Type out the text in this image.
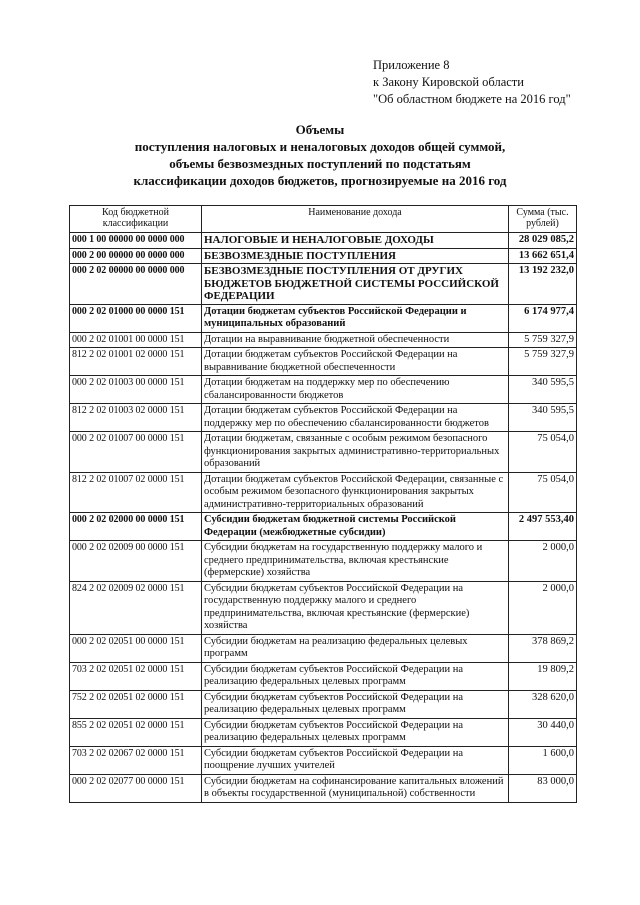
Приложение 8
к Закону Кировской области
"Об областном бюджете на 2016 год"
Объемы
поступления налоговых и неналоговых доходов общей суммой,
объемы безвозмездных поступлений по подстатьям
классификации доходов бюджетов, прогнозируемые на 2016 год
Код бюджетной классификации	Наименование дохода	Сумма (тыс. рублей)
000 1 00 00000 00 0000 000	НАЛОГОВЫЕ И НЕНАЛОГОВЫЕ ДОХОДЫ	28 029 085,2
000 2 00 00000 00 0000 000	БЕЗВОЗМЕЗДНЫЕ ПОСТУПЛЕНИЯ	13 662 651,4
000 2 02 00000 00 0000 000	БЕЗВОЗМЕЗДНЫЕ ПОСТУПЛЕНИЯ ОТ ДРУГИХ БЮДЖЕТОВ БЮДЖЕТНОЙ СИСТЕМЫ РОССИЙСКОЙ ФЕДЕРАЦИИ	13 192 232,0
000 2 02 01000 00 0000 151	Дотации бюджетам субъектов Российской Федерации и муниципальных образований	6 174 977,4
000 2 02 01001 00 0000 151	Дотации на выравнивание бюджетной обеспеченности	5 759 327,9
812 2 02 01001 02 0000 151	Дотации бюджетам субъектов Российской Федерации на выравнивание бюджетной обеспеченности	5 759 327,9
000 2 02 01003 00 0000 151	Дотации бюджетам на поддержку мер по обеспечению сбалансированности бюджетов	340 595,5
812 2 02 01003 02 0000 151	Дотации бюджетам субъектов Российской Федерации на поддержку мер по обеспечению сбалансированности бюджетов	340 595,5
000 2 02 01007 00 0000 151	Дотации бюджетам, связанные с особым режимом безопасного функционирования закрытых административно-территориальных образований	75 054,0
812 2 02 01007 02 0000 151	Дотации бюджетам субъектов Российской Федерации, связанные с особым режимом безопасного функционирования закрытых административно-территориальных образований	75 054,0
000 2 02 02000 00 0000 151	Субсидии бюджетам бюджетной системы Российской Федерации (межбюджетные субсидии)	2 497 553,40
000 2 02 02009 00 0000 151	Субсидии бюджетам на государственную поддержку малого и среднего предпринимательства, включая крестьянские (фермерские) хозяйства	2 000,0
824 2 02 02009 02 0000 151	Субсидии бюджетам субъектов Российской Федерации на государственную поддержку малого и среднего предпринимательства, включая крестьянские (фермерские) хозяйства	2 000,0
000 2 02 02051 00 0000 151	Субсидии бюджетам на реализацию федеральных целевых программ	378 869,2
703 2 02 02051 02 0000 151	Субсидии бюджетам субъектов Российской Федерации на реализацию федеральных целевых программ	19 809,2
752 2 02 02051 02 0000 151	Субсидии бюджетам субъектов Российской Федерации на реализацию федеральных целевых программ	328 620,0
855 2 02 02051 02 0000 151	Субсидии бюджетам субъектов Российской Федерации на реализацию федеральных целевых программ	30 440,0
703 2 02 02067 02 0000 151	Субсидии бюджетам субъектов Российской Федерации на поощрение лучших учителей	1 600,0
000 2 02 02077 00 0000 151	Субсидии бюджетам на софинансирование капитальных вложений в объекты государственной (муниципальной) собственности	83 000,0
